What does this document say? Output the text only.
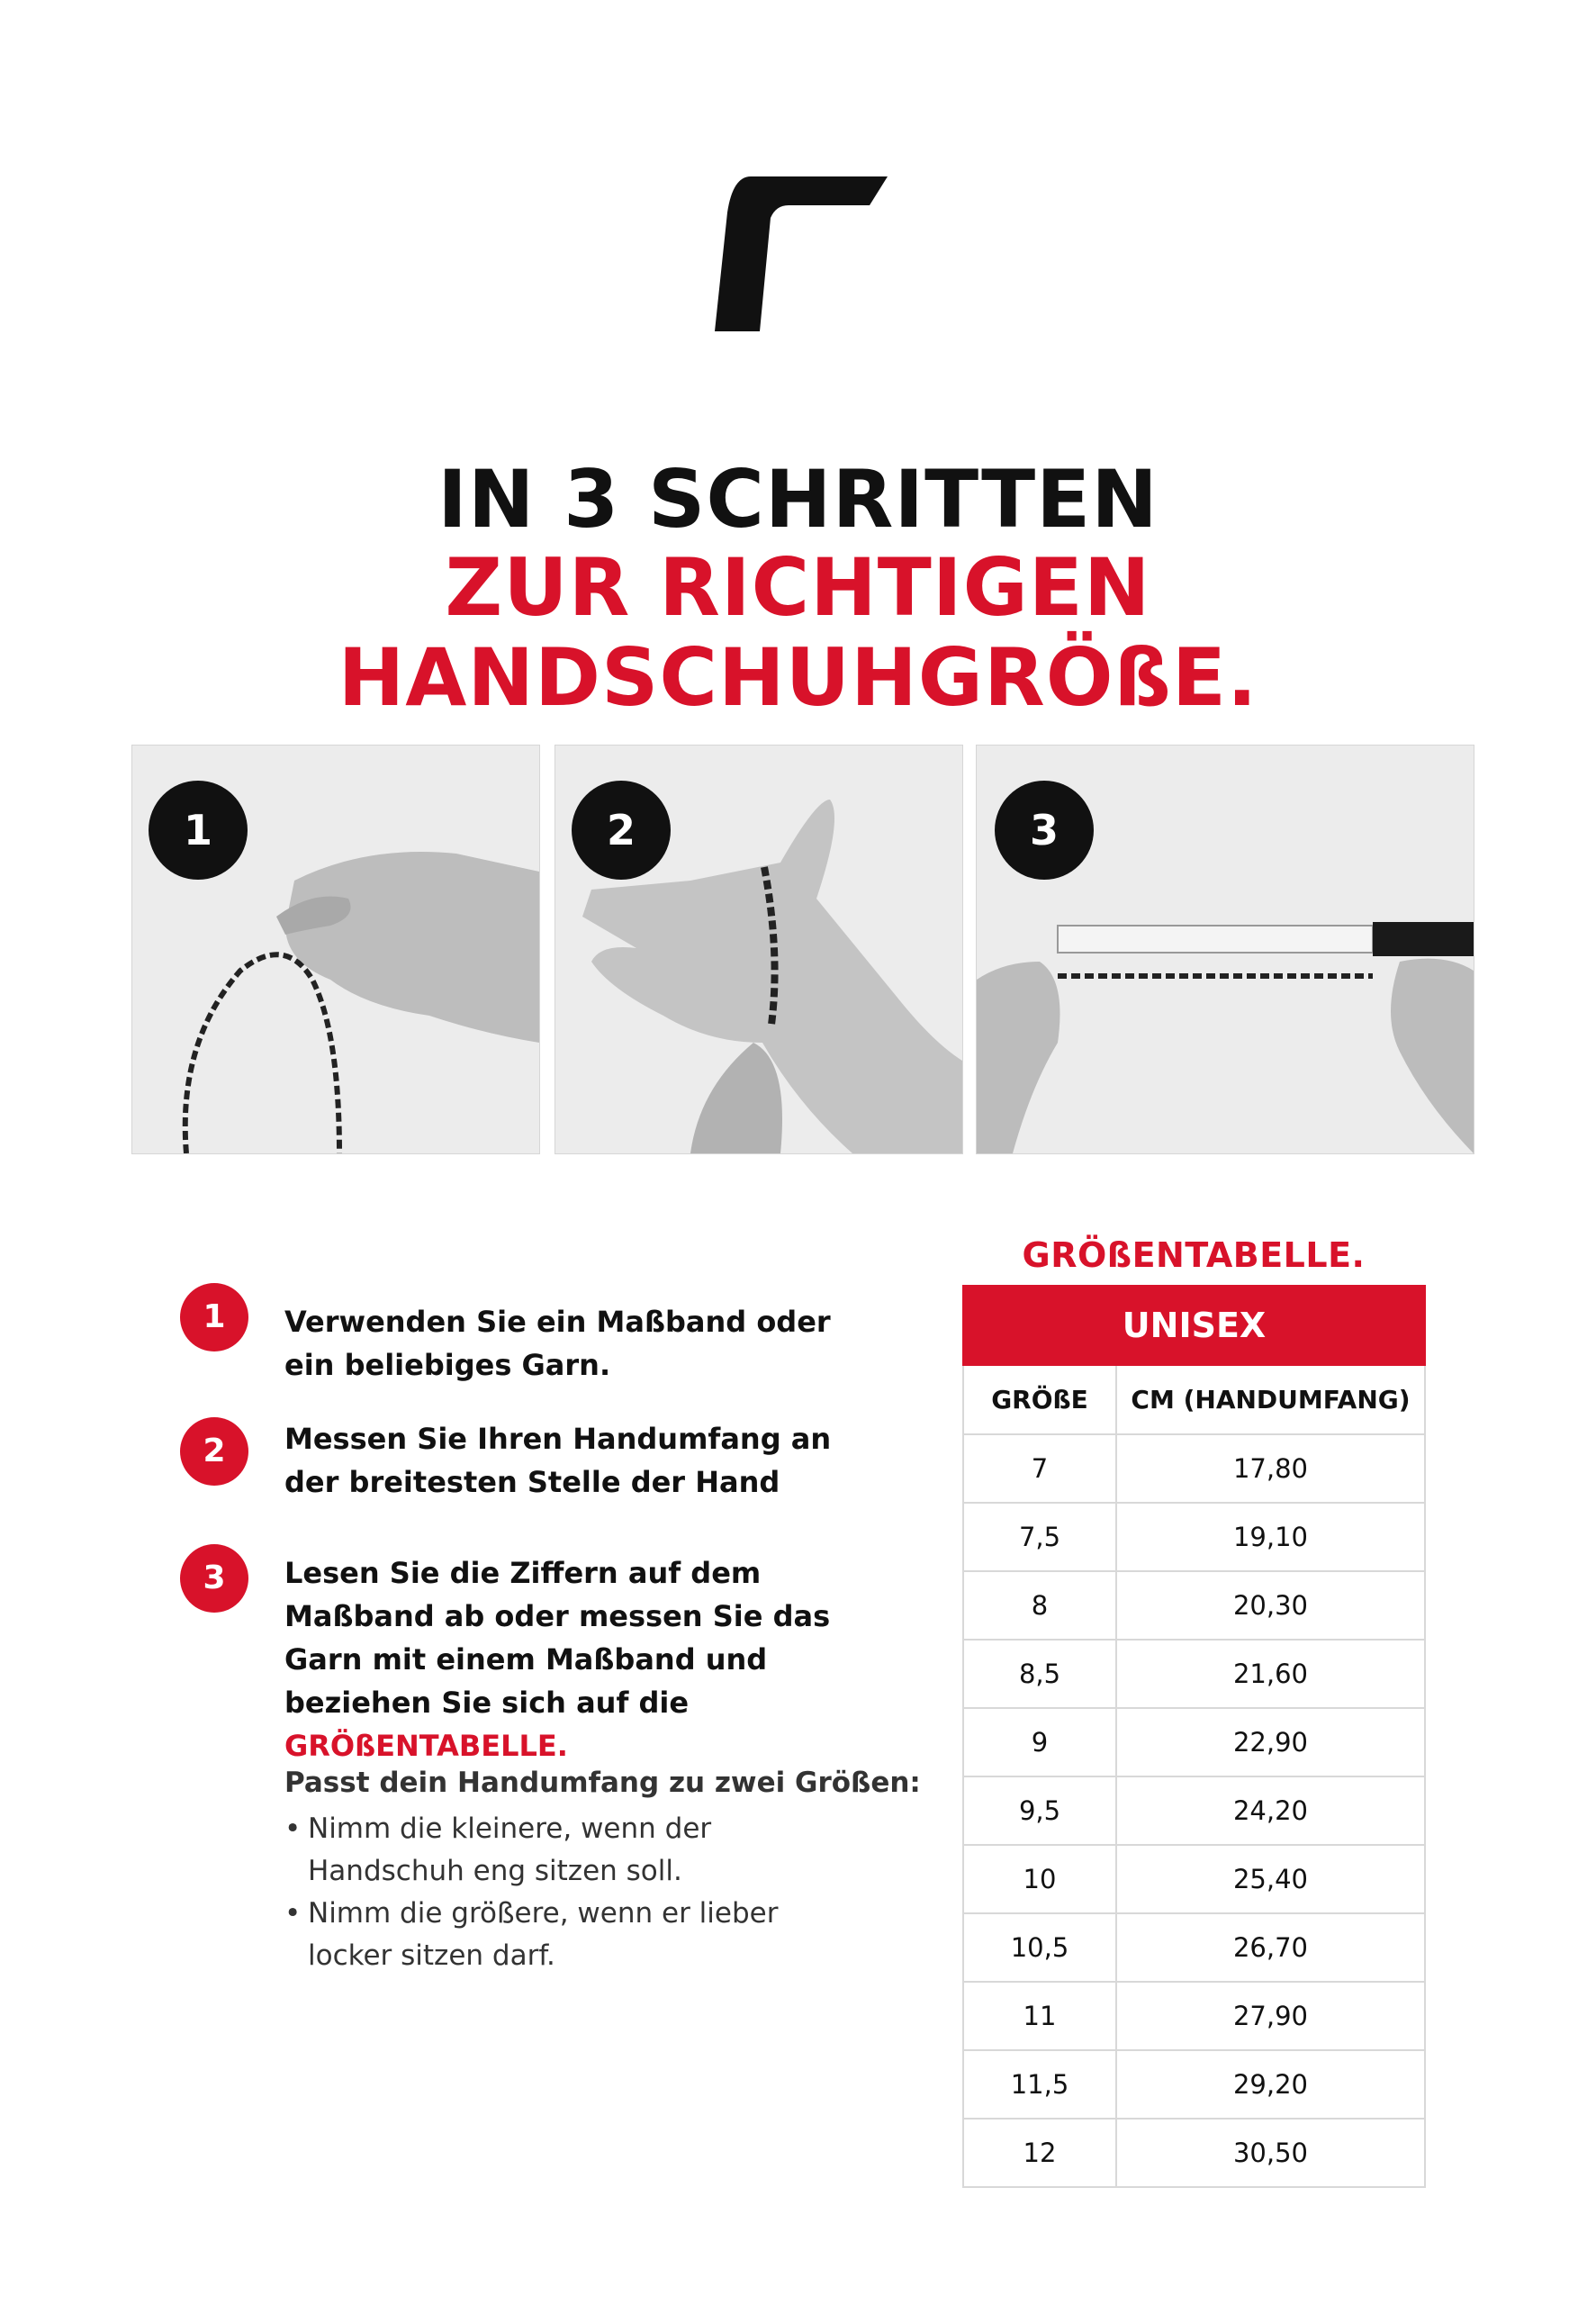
IN 3 SCHRITTEN
ZUR RICHTIGEN
HANDSCHUHGRÖßE.
1	2	3
1	Verwenden Sie ein Maßband oder ein beliebiges Garn.
2	Messen Sie Ihren Handumfang an der breitesten Stelle der Hand
3	Lesen Sie die Ziffern auf dem Maßband ab oder messen Sie das Garn mit einem Maßband und beziehen Sie sich auf die GRÖßENTABELLE.
Passt dein Handumfang zu zwei Größen:
• Nimm die kleinere, wenn der Handschuh eng sitzen soll.
• Nimm die größere, wenn er lieber locker sitzen darf.
GRÖßENTABELLE.
UNISEX	
GRÖßE	CM (HANDUMFANG)
7	17,80
7,5	19,10
8	20,30
8,5	21,60
9	22,90
9,5	24,20
10	25,40
10,5	26,70
11	27,90
11,5	29,20
12	30,50
